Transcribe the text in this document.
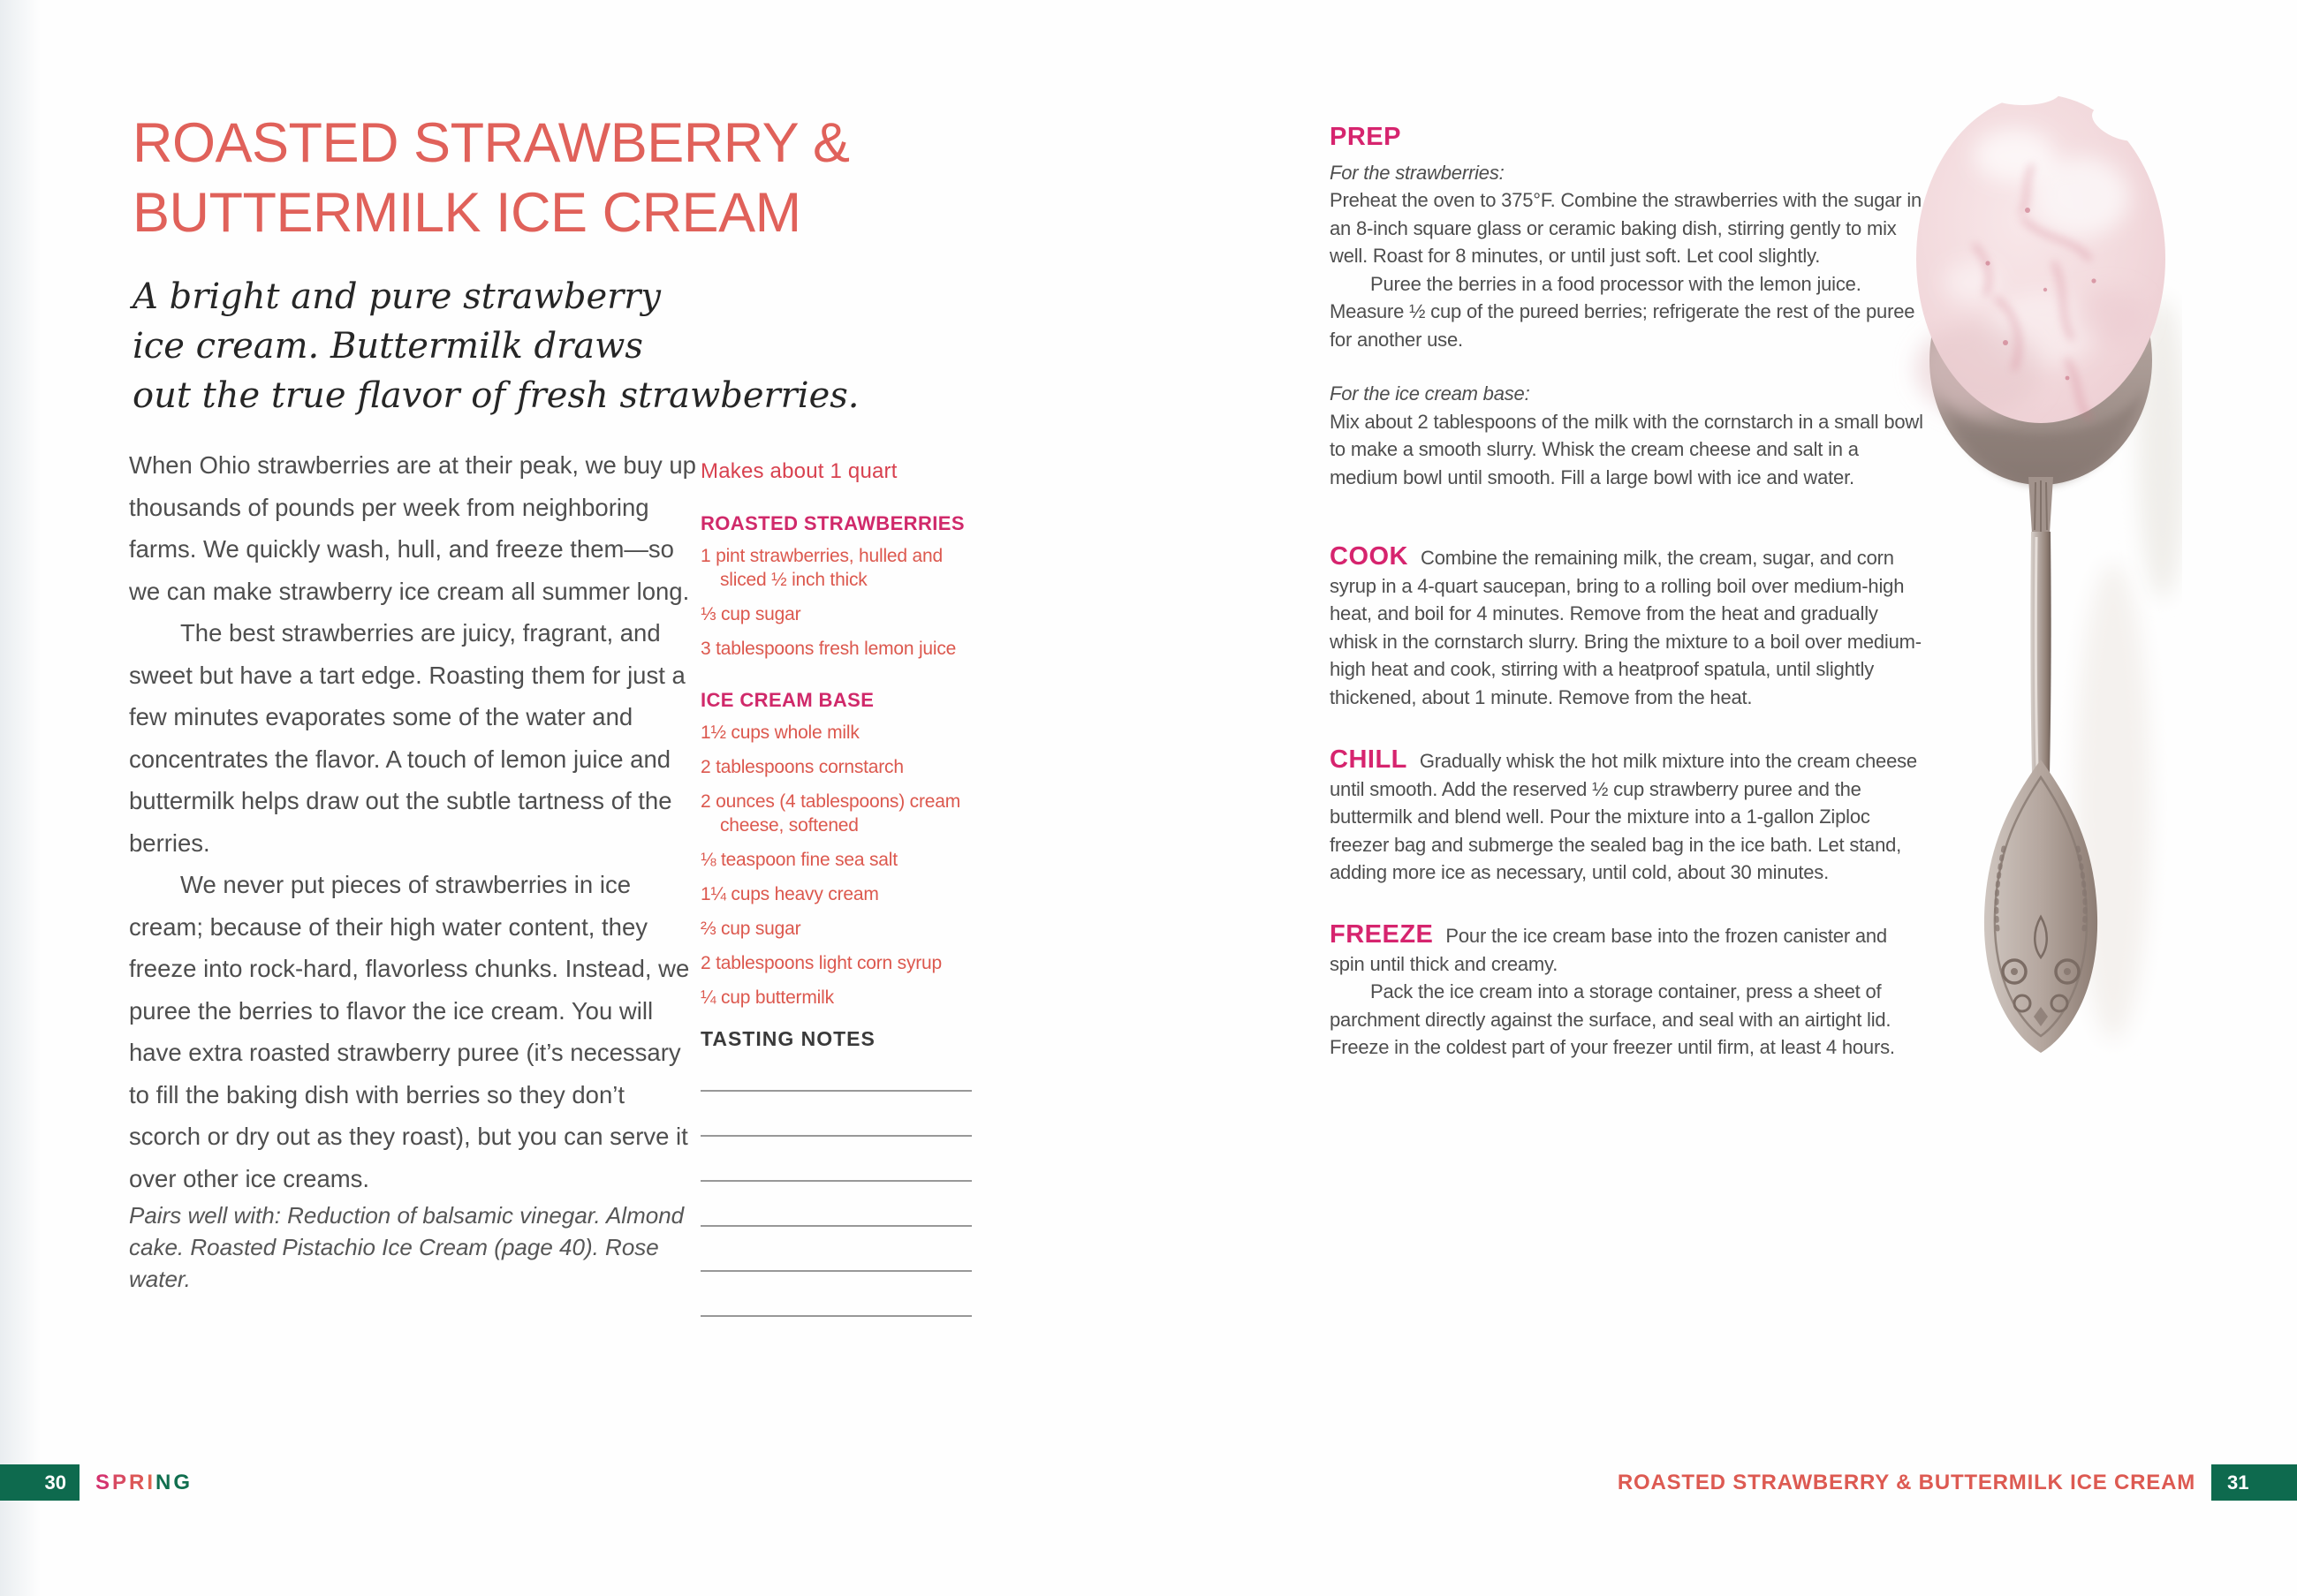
ROASTED STRAWBERRY &
BUTTERMILK ICE CREAM
A bright and pure strawberry
ice cream. Buttermilk draws
out the true flavor of fresh strawberries.

When Ohio strawberries are at their peak, we buy up thousands of pounds per week from neighboring farms. We quickly wash, hull, and freeze them—so we can make strawberry ice cream all summer long.

The best strawberries are juicy, fragrant, and sweet but have a tart edge. Roasting them for just a few minutes evaporates some of the water and concentrates the flavor. A touch of lemon juice and buttermilk helps draw out the subtle tartness of the berries.

We never put pieces of strawberries in ice cream; because of their high water content, they freeze into rock-hard, flavorless chunks. Instead, we puree the berries to flavor the ice cream. You will have extra roasted strawberry puree (it’s necessary to fill the baking dish with berries so they don’t scorch or dry out as they roast), but you can serve it over other ice creams.

Pairs well with: Reduction of balsamic vinegar. Almond cake. Roasted Pistachio Ice Cream (page 40). Rose water.

Makes about 1 quart
ROASTED STRAWBERRIES
1 pint strawberries, hulled and sliced ½ inch thick
⅓ cup sugar
3 tablespoons fresh lemon juice
ICE CREAM BASE
1½ cups whole milk
2 tablespoons cornstarch
2 ounces (4 tablespoons) cream cheese, softened
⅛ teaspoon fine sea salt
1¼ cups heavy cream
⅔ cup sugar
2 tablespoons light corn syrup
¼ cup buttermilk
TASTING NOTES
30	SPRING
PREP

For the strawberries:

Preheat the oven to 375°F. Combine the strawberries with the sugar in an 8-inch square glass or ceramic baking dish, stirring gently to mix well. Roast for 8 minutes, or until just soft. Let cool slightly.

Puree the berries in a food processor with the lemon juice. Measure ½ cup of the pureed berries; refrigerate the rest of the puree for another use.

For the ice cream base:

Mix about 2 tablespoons of the milk with the cornstarch in a small bowl to make a smooth slurry. Whisk the cream cheese and salt in a medium bowl until smooth. Fill a large bowl with ice and water.

COOK Combine the remaining milk, the cream, sugar, and corn syrup in a 4-quart saucepan, bring to a rolling boil over medium-high heat, and boil for 4 minutes. Remove from the heat and gradually whisk in the cornstarch slurry. Bring the mixture to a boil over medium-high heat and cook, stirring with a heatproof spatula, until slightly thickened, about 1 minute. Remove from the heat.

CHILL Gradually whisk the hot milk mixture into the cream cheese until smooth. Add the reserved ½ cup strawberry puree and the buttermilk and blend well. Pour the mixture into a 1-gallon Ziploc freezer bag and submerge the sealed bag in the ice bath. Let stand, adding more ice as necessary, until cold, about 30 minutes.

FREEZE Pour the ice cream base into the frozen canister and spin until thick and creamy.

Pack the ice cream into a storage container, press a sheet of parchment directly against the surface, and seal with an airtight lid. Freeze in the coldest part of your freezer until firm, at least 4 hours.

ROASTED STRAWBERRY & BUTTERMILK ICE CREAM	31
